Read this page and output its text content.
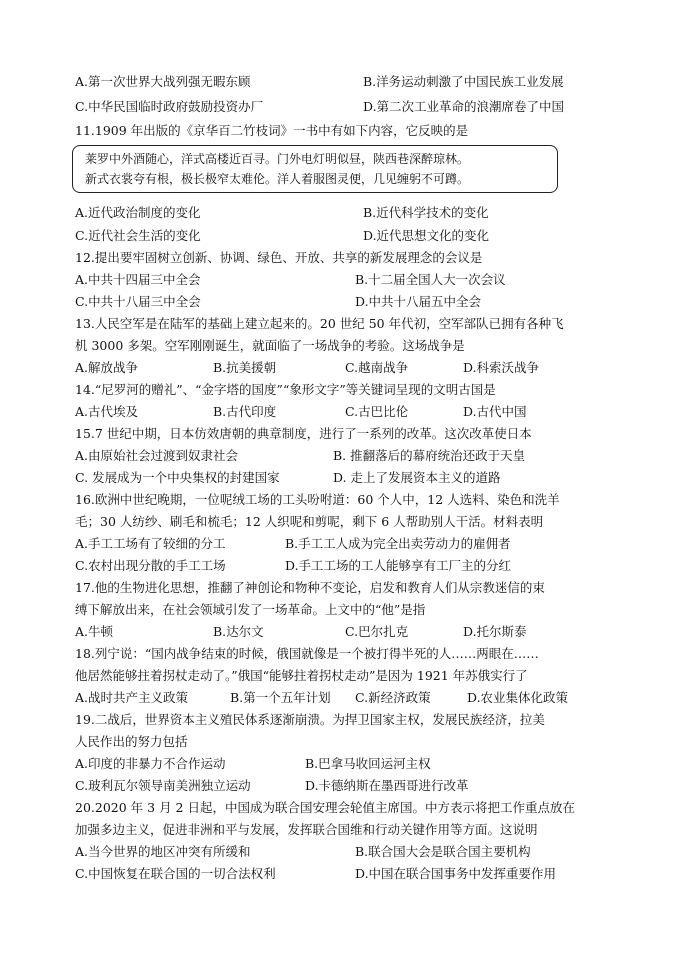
A.第一次世界大战列强无暇东顾	B.洋务运动刺激了中国民族工业发展
C.中华民国临时政府鼓励投资办厂	D.第二次工业革命的浪潮席卷了中国
11.1909 年出版的《京华百二竹枝词》一书中有如下内容，它反映的是
莱罗中外酒随心，洋式高楼近百寻。门外电灯明似昼，陕西巷深醉琼林。
新式衣裳夸有根，极长极窄太难伦。洋人着服图灵便，几见缠躬不可蹲。
A.近代政治制度的变化	B.近代科学技术的变化
C.近代社会生活的变化	D.近代思想文化的变化
12.提出要牢固树立创新、协调、绿色、开放、共享的新发展理念的会议是
A.中共十四届三中全会	B.十二届全国人大一次会议
C.中共十八届三中全会	D.中共十八届五中全会
13.人民空军是在陆军的基础上建立起来的。20 世纪 50 年代初，空军部队已拥有各种飞
机 3000 多架。空军刚刚诞生，就面临了一场战争的考验。这场战争是
A.解放战争	B.抗美援朝	C.越南战争	D.科索沃战争
14.“尼罗河的赠礼”、“金字塔的国度”“象形文字”等关键词呈现的文明古国是
A.古代埃及	B.古代印度	C.古巴比伦	D.古代中国
15.7 世纪中期，日本仿效唐朝的典章制度，进行了一系列的改革。这次改革使日本
A.由原始社会过渡到奴隶社会	B. 推翻落后的幕府统治还政于天皇
C. 发展成为一个中央集权的封建国家	D. 走上了发展资本主义的道路
16.欧洲中世纪晚期，一位呢绒工场的工头吩咐道：60 个人中，12 人选料、染色和洗羊
毛；30 人纺纱、刷毛和梳毛；12 人织呢和剪呢，剩下 6 人帮助别人干活。材料表明
A.手工工场有了较细的分工	B.手工工人成为完全出卖劳动力的雇佣者
C.农村出现分散的手工工场	D.手工工场的工人能够享有工厂主的分红
17.他的生物进化思想，推翻了神创论和物种不变论，启发和教育人们从宗教迷信的束
缚下解放出来，在社会领域引发了一场革命。上文中的“他”是指
A.牛顿	B.达尔文	C.巴尔扎克	D.托尔斯泰
18.列宁说：“国内战争结束的时候，俄国就像是一个被打得半死的人……两眼在……
他居然能够拄着拐杖走动了。”俄国“能够拄着拐杖走动”是因为 1921 年苏俄实行了
A.战时共产主义政策	B.第一个五年计划 C.新经济政策	D.农业集体化政策
19.二战后，世界资本主义殖民体系逐渐崩溃。为捍卫国家主权，发展民族经济，拉美
人民作出的努力包括
A.印度的非暴力不合作运动	B.巴拿马收回运河主权
C.玻利瓦尔领导南美洲独立运动	D.卡德纳斯在墨西哥进行改革
20.2020 年 3 月 2 日起，中国成为联合国安理会轮值主席国。中方表示将把工作重点放在
加强多边主义，促进非洲和平与发展，发挥联合国维和行动关键作用等方面。这说明
A.当今世界的地区冲突有所缓和	B.联合国大会是联合国主要机构
C.中国恢复在联合国的一切合法权利	D.中国在联合国事务中发挥重要作用
